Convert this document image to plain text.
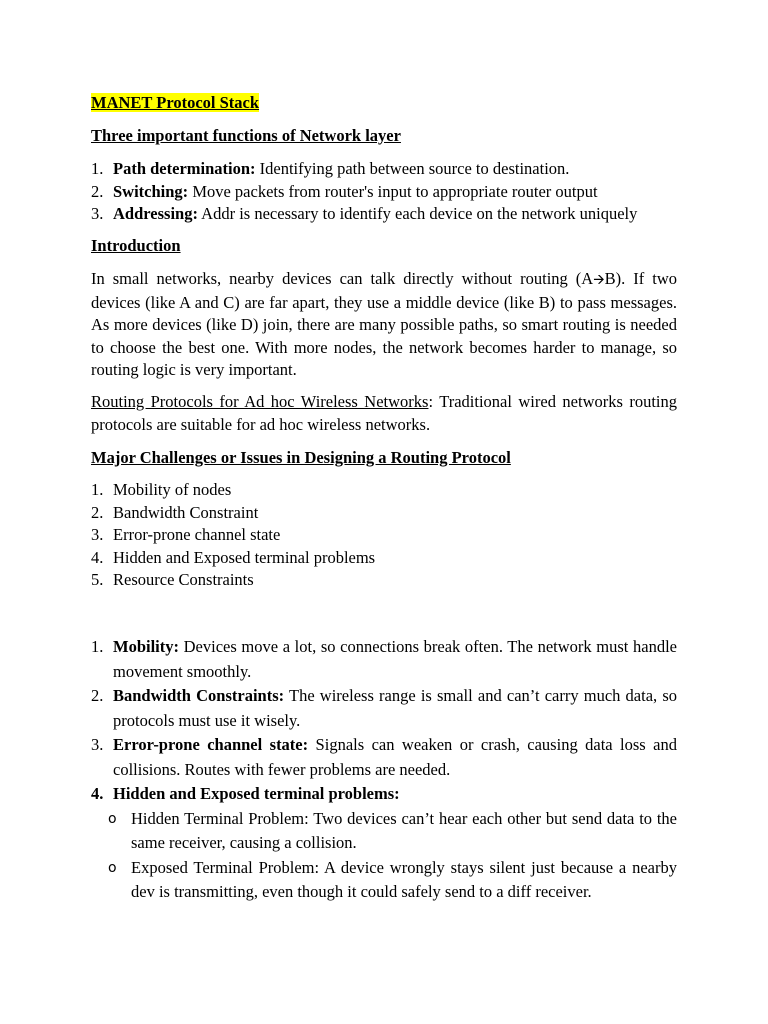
MANET Protocol Stack
Three important functions of Network layer
1. Path determination: Identifying path between source to destination.
2. Switching: Move packets from router's input to appropriate router output
3. Addressing: Addr is necessary to identify each device on the network uniquely
Introduction
In small networks, nearby devices can talk directly without routing (A🡪B). If two devices (like A and C) are far apart, they use a middle device (like B) to pass messages. As more devices (like D) join, there are many possible paths, so smart routing is needed to choose the best one. With more nodes, the network becomes harder to manage, so routing logic is very important.
Routing Protocols for Ad hoc Wireless Networks: Traditional wired networks routing protocols are suitable for ad hoc wireless networks.
Major Challenges or Issues in Designing a Routing Protocol
1. Mobility of nodes
2. Bandwidth Constraint
3. Error-prone channel state
4. Hidden and Exposed terminal problems
5. Resource Constraints
1. Mobility: Devices move a lot, so connections break often. The network must handle movement smoothly.
2. Bandwidth Constraints: The wireless range is small and can’t carry much data, so protocols must use it wisely.
3. Error-prone channel state: Signals can weaken or crash, causing data loss and collisions. Routes with fewer problems are needed.
4. Hidden and Exposed terminal problems:
o Hidden Terminal Problem: Two devices can’t hear each other but send data to the same receiver, causing a collision.
o Exposed Terminal Problem: A device wrongly stays silent just because a nearby dev is transmitting, even though it could safely send to a diff receiver.
